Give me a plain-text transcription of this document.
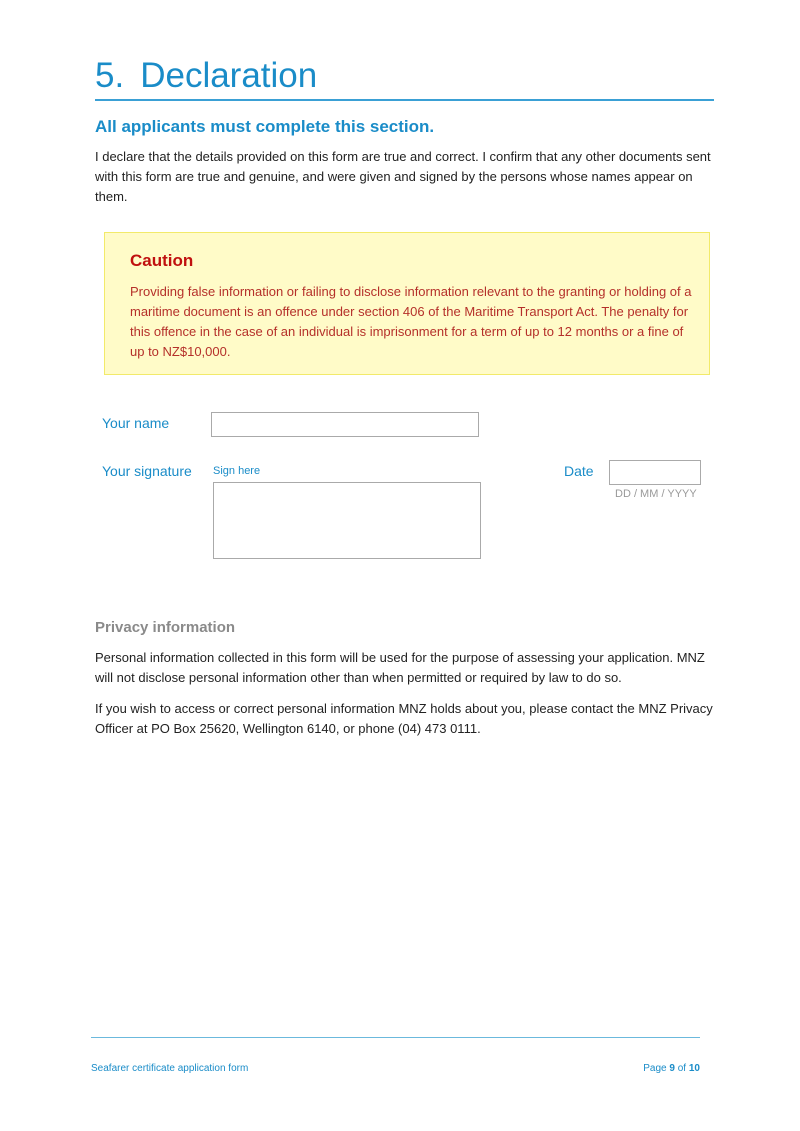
5. Declaration
All applicants must complete this section.
I declare that the details provided on this form are true and correct. I confirm that any other documents sent with this form are true and genuine, and were given and signed by the persons whose names appear on them.
Caution
Providing false information or failing to disclose information relevant to the granting or holding of a maritime document is an offence under section 406 of the Maritime Transport Act. The penalty for this offence in the case of an individual is imprisonment for a term of up to 12 months or a fine of up to NZ$10,000.
Your name
Your signature Sign here	Date
DD / MM / YYYY
Privacy information
Personal information collected in this form will be used for the purpose of assessing your application. MNZ will not disclose personal information other than when permitted or required by law to do so.
If you wish to access or correct personal information MNZ holds about you, please contact the MNZ Privacy Officer at PO Box 25620, Wellington 6140, or phone (04) 473 0111.
Seafarer certificate application form	Page 9 of 10
